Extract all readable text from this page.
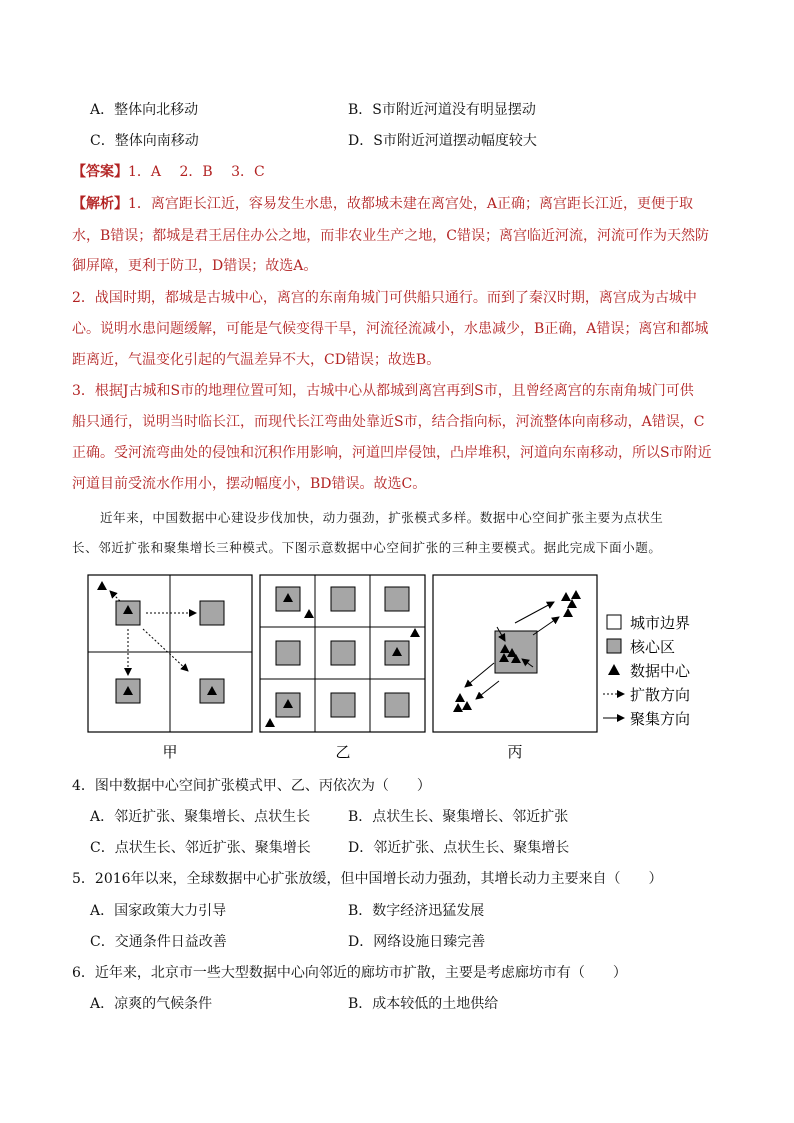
A．整体向北移动	B．S市附近河道没有明显摆动
C．整体向南移动	D．S市附近河道摆动幅度较大
【答案】1．A　 2．B　 3．C
【解析】1．离宫距长江近，容易发生水患，故都城未建在离宫处，A正确；离宫距长江近，更便于取
水，B错误；都城是君王居住办公之地，而非农业生产之地，C错误；离宫临近河流，河流可作为天然防
御屏障，更利于防卫，D错误；故选A。
2．战国时期，都城是古城中心，离宫的东南角城门可供船只通行。而到了秦汉时期，离宫成为古城中
心。说明水患问题缓解，可能是气候变得干旱，河流径流减小，水患减少，B正确，A错误；离宫和都城
距离近，气温变化引起的气温差异不大，CD错误；故选B。
3．根据J古城和S市的地理位置可知，古城中心从都城到离宫再到S市，且曾经离宫的东南角城门可供
船只通行，说明当时临长江，而现代长江弯曲处靠近S市，结合指向标，河流整体向南移动，A错误，C
正确。受河流弯曲处的侵蚀和沉积作用影响，河道凹岸侵蚀，凸岸堆积，河道向东南移动，所以S市附近
河道目前受流水作用小，摆动幅度小，BD错误。故选C。
近年来，中国数据中心建设步伐加快，动力强劲，扩张模式多样。数据中心空间扩张主要为点状生
长、邻近扩张和聚集增长三种模式。下图示意数据中心空间扩张的三种主要模式。据此完成下面小题。
城市边界
核心区
数据中心
扩散方向
聚集方向
甲	乙	丙
4．图中数据中心空间扩张模式甲、乙、丙依次为（　　）
A．邻近扩张、聚集增长、点状生长	B．点状生长、聚集增长、邻近扩张
C．点状生长、邻近扩张、聚集增长	D．邻近扩张、点状生长、聚集增长
5．2016年以来，全球数据中心扩张放缓，但中国增长动力强劲，其增长动力主要来自（　　）
A．国家政策大力引导	B．数字经济迅猛发展
C．交通条件日益改善	D．网络设施日臻完善
6．近年来，北京市一些大型数据中心向邻近的廊坊市扩散，主要是考虑廊坊市有（　　）
A．凉爽的气候条件	B．成本较低的土地供给
